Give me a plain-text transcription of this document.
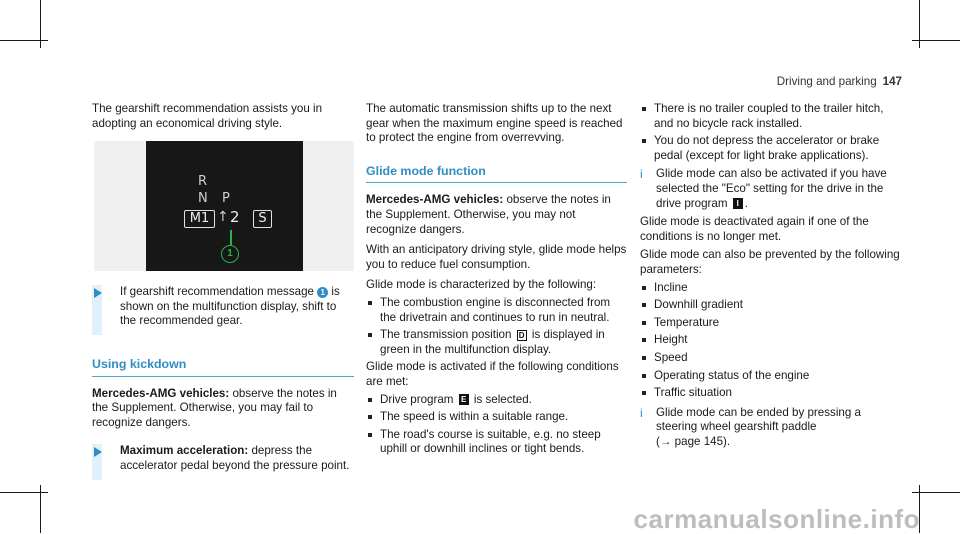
Driving and parking 147

The gearshift recommendation assists you in adopting an economical driving style.

R
N P
M1 ↑ 2	S
1
If gearshift recommendation message 1 is shown on the multifunction display, shift to the recommended gear.
Using kickdown

Mercedes-AMG vehicles: observe the notes in the Supplement. Otherwise, you may fail to recognize dangers.

Maximum acceleration: depress the accelerator pedal beyond the pressure point.

The automatic transmission shifts up to the next gear when the maximum engine speed is reached to protect the engine from overrevving.

Glide mode function

Mercedes-AMG vehicles: observe the notes in the Supplement. Otherwise, you may not recognize dangers.

With an anticipatory driving style, glide mode helps you to reduce fuel consumption.

Glide mode is characterized by the following:

The combustion engine is disconnected from the drivetrain and continues to run in neutral.
The transmission position D is displayed in green in the multifunction display.

Glide mode is activated if the following conditions are met:

Drive program E is selected.
The speed is within a suitable range.
The road's course is suitable, e.g. no steep uphill or downhill inclines or tight bends.
There is no trailer coupled to the trailer hitch, and no bicycle rack installed.
You do not depress the accelerator or brake pedal (except for light brake applications).
i Glide mode can also be activated if you have selected the "Eco" setting for the drive in the drive program I .

Glide mode is deactivated again if one of the conditions is no longer met.

Glide mode can also be prevented by the following parameters:

Incline
Downhill gradient
Temperature
Height
Speed
Operating status of the engine
Traffic situation
i Glide mode can be ended by pressing a steering wheel gearshift paddle
(→ page 145).
carmanualsonline.info
